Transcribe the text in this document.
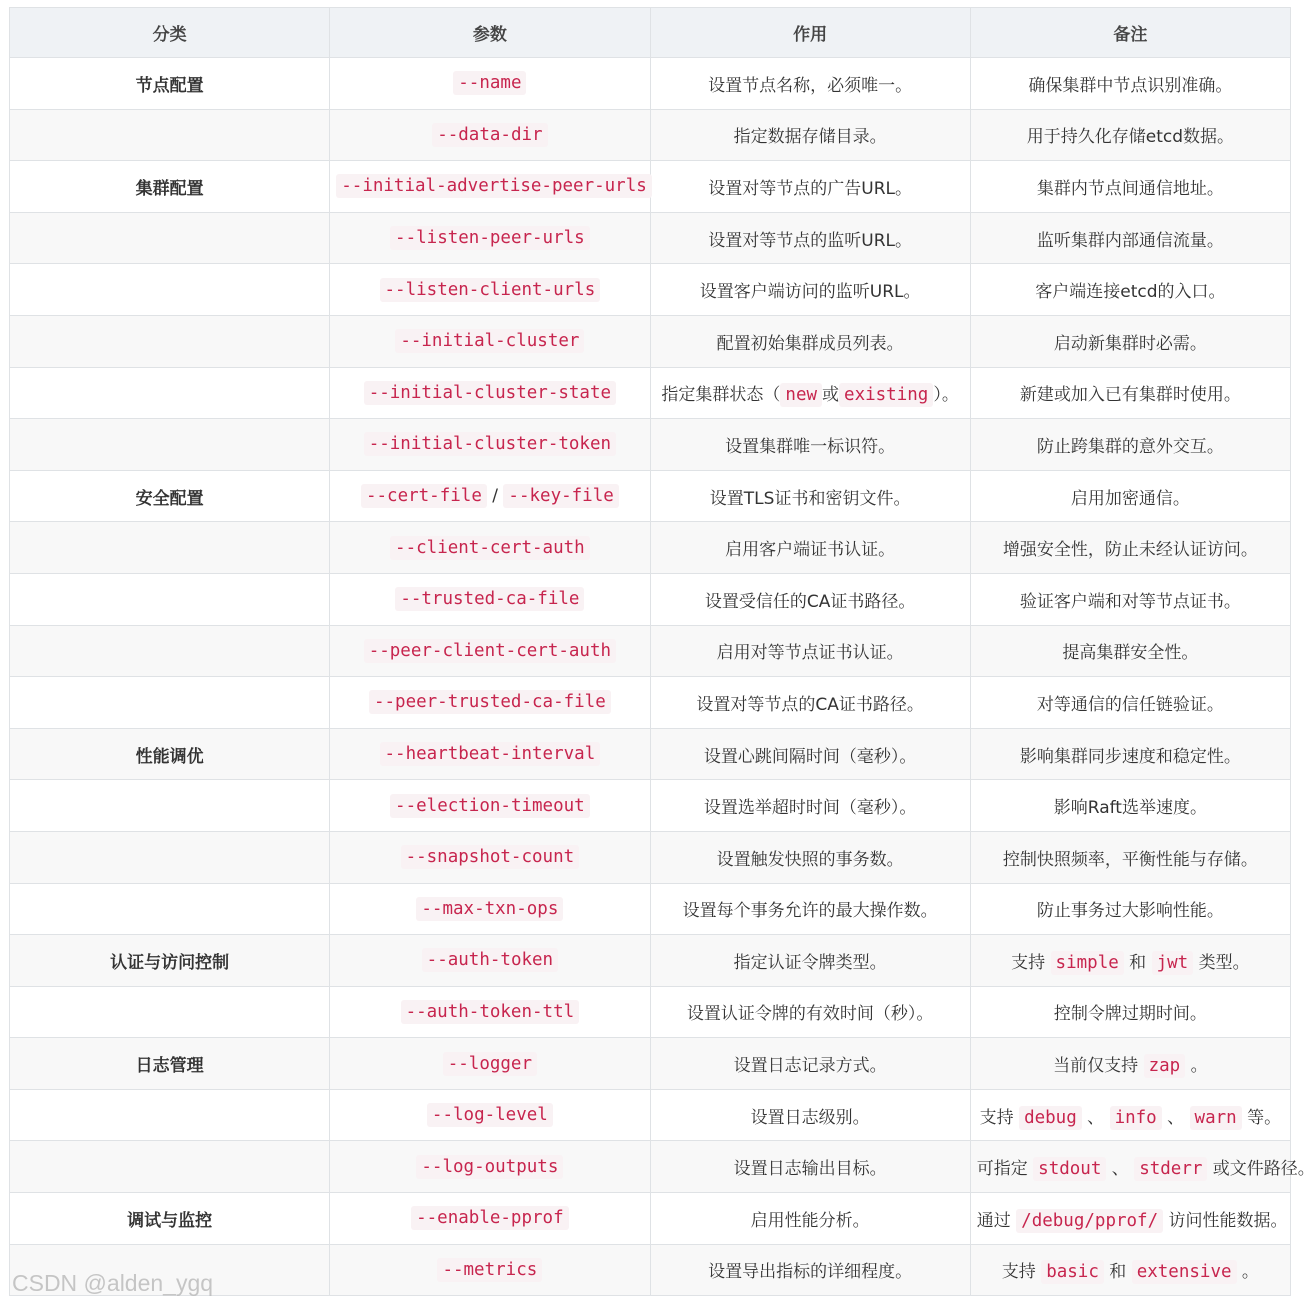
分类	参数	作用	备注
节点配置	--name	设置节点名称，必须唯一。	确保集群中节点识别准确。
	--data-dir	指定数据存储目录。	用于持久化存储etcd数据。
集群配置	--initial-advertise-peer-urls	设置对等节点的广告URL。	集群内节点间通信地址。
	--listen-peer-urls	设置对等节点的监听URL。	监听集群内部通信流量。
	--listen-client-urls	设置客户端访问的监听URL。	客户端连接etcd的入口。
	--initial-cluster	配置初始集群成员列表。	启动新集群时必需。
	--initial-cluster-state	指定集群状态（ new 或 existing ）。	新建或加入已有集群时使用。
	--initial-cluster-token	设置集群唯一标识符。	防止跨集群的意外交互。
安全配置	--cert-file / --key-file	设置TLS证书和密钥文件。	启用加密通信。
	--client-cert-auth	启用客户端证书认证。	增强安全性，防止未经认证访问。
	--trusted-ca-file	设置受信任的CA证书路径。	验证客户端和对等节点证书。
	--peer-client-cert-auth	启用对等节点证书认证。	提高集群安全性。
	--peer-trusted-ca-file	设置对等节点的CA证书路径。	对等通信的信任链验证。
性能调优	--heartbeat-interval	设置心跳间隔时间（毫秒）。	影响集群同步速度和稳定性。
	--election-timeout	设置选举超时时间（毫秒）。	影响Raft选举速度。
	--snapshot-count	设置触发快照的事务数。	控制快照频率，平衡性能与存储。
	--max-txn-ops	设置每个事务允许的最大操作数。	防止事务过大影响性能。
认证与访问控制	--auth-token	指定认证令牌类型。	支持 simple 和 jwt 类型。
	--auth-token-ttl	设置认证令牌的有效时间（秒）。	控制令牌过期时间。
日志管理	--logger	设置日志记录方式。	当前仅支持 zap 。
	--log-level	设置日志级别。	支持 debug 、 info 、 warn 等。
	--log-outputs	设置日志输出目标。	可指定 stdout 、 stderr 或文件路径。
调试与监控	--enable-pprof	启用性能分析。	通过 /debug/pprof/ 访问性能数据。
	--metrics	设置导出指标的详细程度。	支持 basic 和 extensive 。
CSDN @alden_ygq
